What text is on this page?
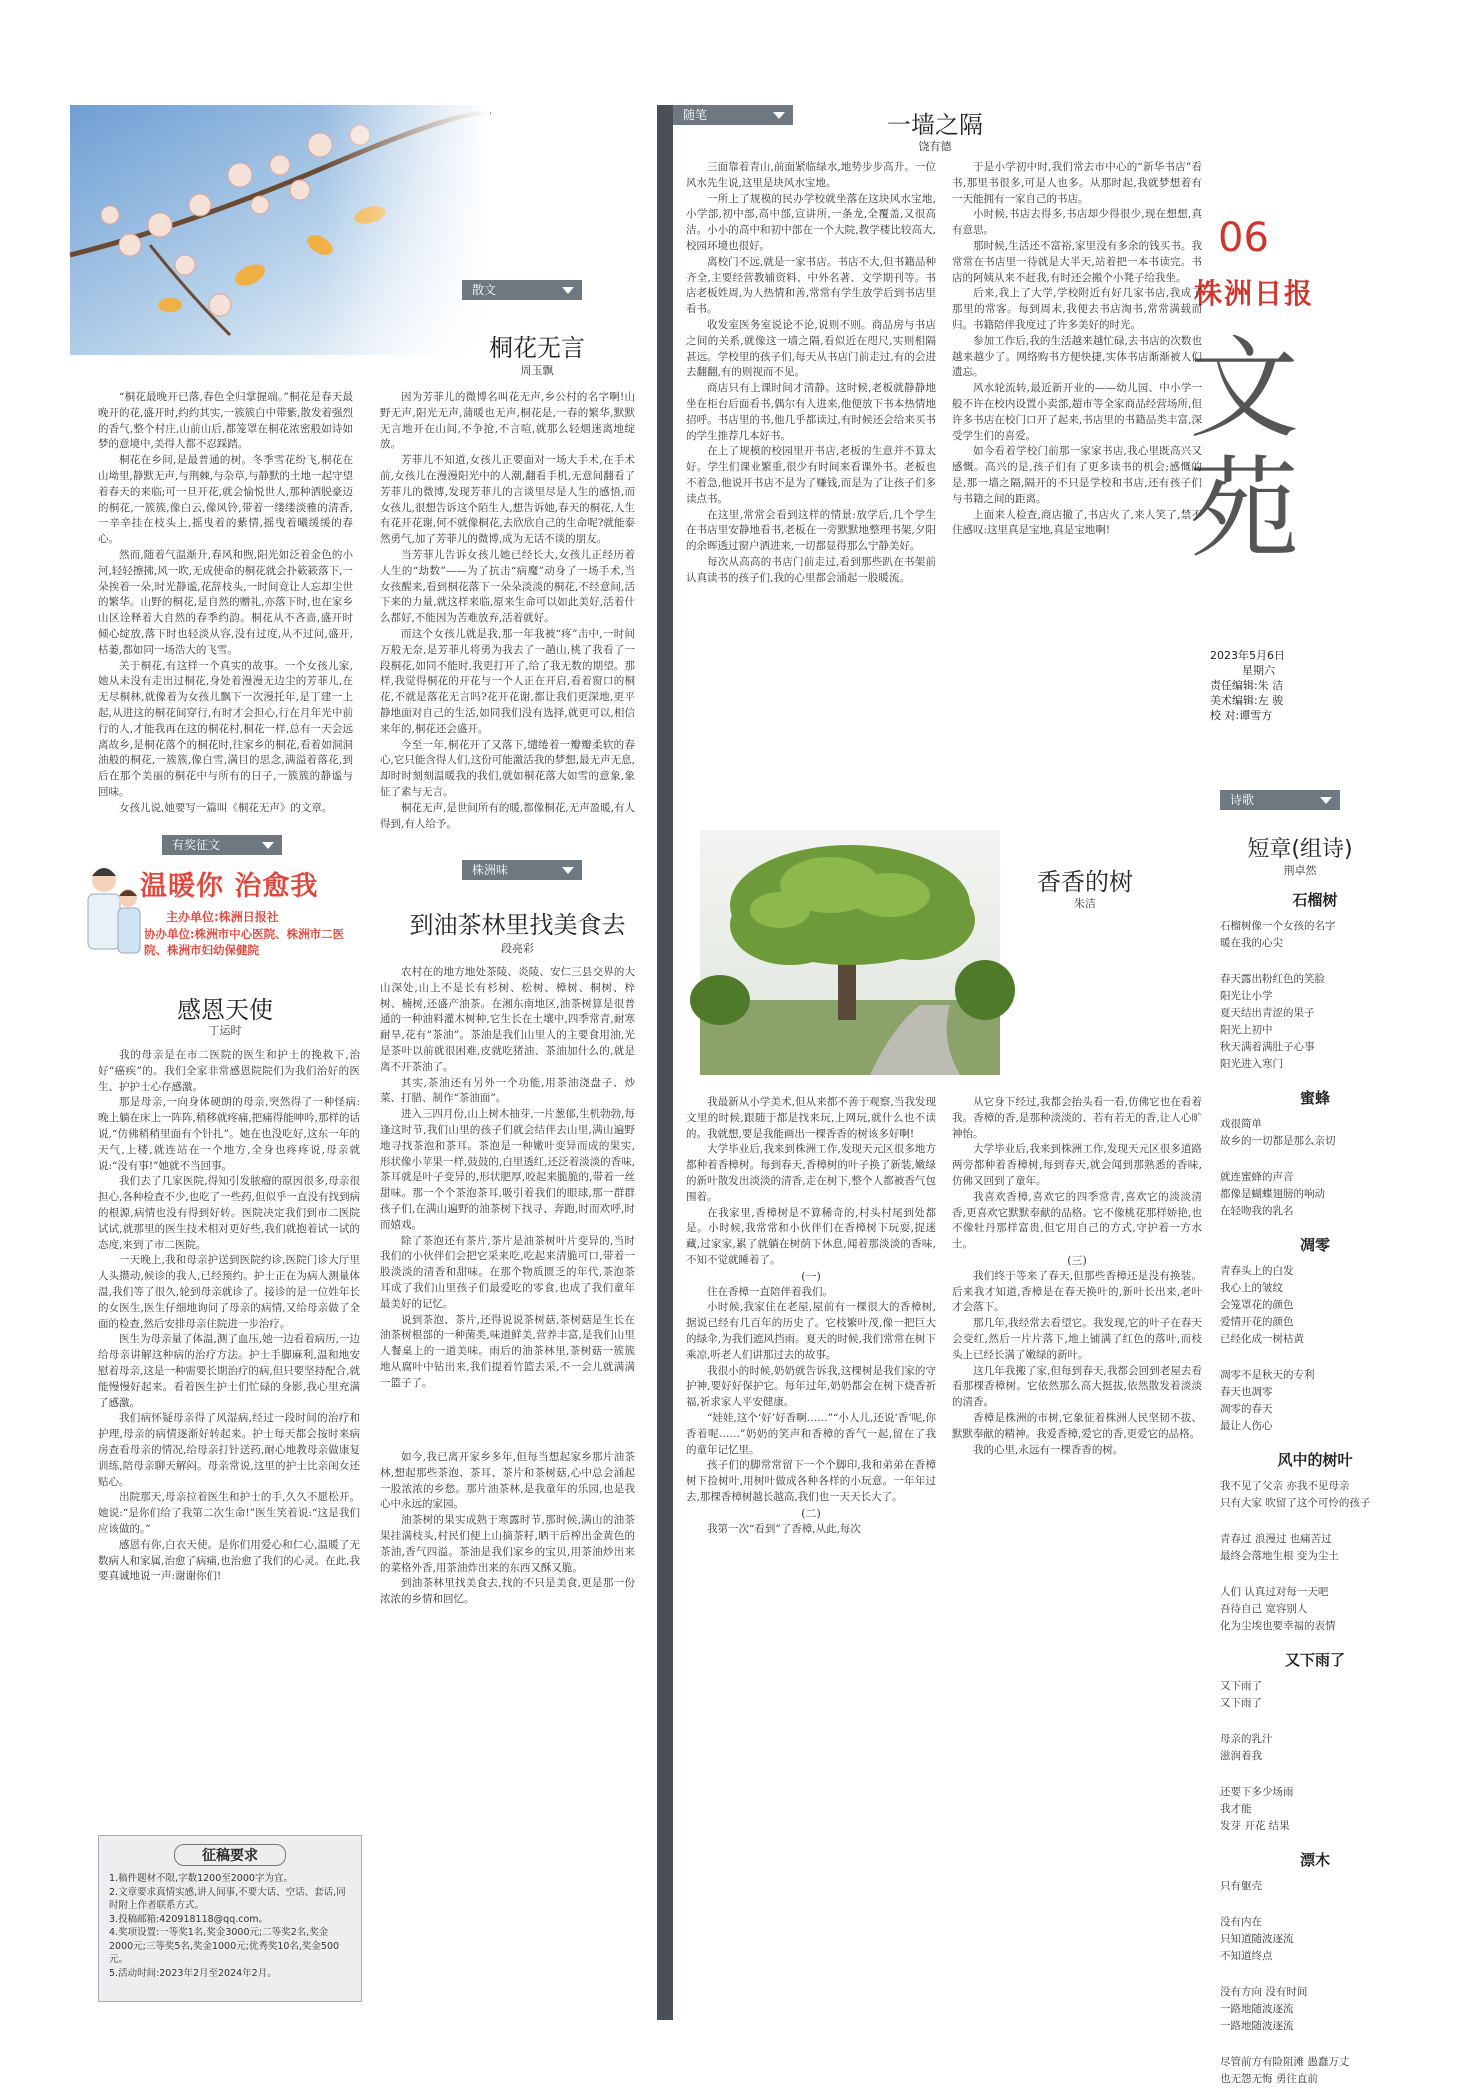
06
株洲日报
文苑
2023年5月6日
星期六
责任编辑:朱 洁
美术编辑:左 骏
校 对:谭雪方
散文
桐花无言
周玉飘

“桐花最晚开已落,春色全归掌握端。”桐花是春天最晚开的花,盛开时,约约其实,一簇簇白中带紫,散发着强烈的香气,整个村庄,山前山后,都笼罩在桐花浓密般如诗如梦的意境中,美得人都不忍踩踏。

桐花在乡间,是最普通的树。冬季雪花纷飞,桐花在山坳里,静默无声,与荆棘,与杂草,与静默的土地一起守望着春天的来临;可一旦开花,就会愉悦世人,那种洒脱豪迈的桐花,一簇簇,像白云,像风铃,带着一缕缕淡雅的清香,一辛辛挂在枝头上,摇曳着的紫情,摇曳着曦缓缓的春心。

然而,随着气温渐升,春风和煦,阳光如泛着金色的小河,轻轻擦拂,风一吹,无成使命的桐花就会扑簌簌落下,一朵挨着一朵,时光静谧,花辞枝头,一时间竟让人忘却尘世的繁华。山野的桐花,是自然的赠礼,亦落下时,也在家乡山区诠释着大自然的春季约韵。桐花从不吝啬,盛开时倾心绽放,落下时也轻淡从容,没有过度,从不过问,盛开,枯萎,都如同一场浩大的飞雪。

关于桐花,有这样一个真实的故事。一个女孩儿家,她从未没有走出过桐花,身处着漫漫无边尘的芳菲儿,在无尽桐林,就像着为女孩儿飘下一次漫托年,是丁建一上起,从进这的桐花间穿行,有时才会担心,行在月年光中前行的人,才能我再在这的桐花村,桐花一样,总有一天会远离故乡,是桐花落个的桐花时,往家乡的桐花,看着如洞洞油般的桐花,一簇簇,像白雪,满目的思念,满溢着落花,到后在那个美丽的桐花中与所有的日子,一簇簇的静谧与回味。

女孩儿说,她要写一篇叫《桐花无声》的文章。

因为芳菲儿的微博名叫花无声,乡公村的名字啊!山野无声,阳光无声,蒲暖也无声,桐花是,一春的繁华,默默无言地开在山间,不争抢,不言喧,就那么轻烟迷离地绽放。

芳菲儿不知道,女孩儿正要面对一场大手术,在手术前,女孩儿在漫漫阳光中的人潮,翻看手机,无意间翻看了芳菲儿的微博,发现芳菲儿的言谈里尽是人生的感悟,而女孩儿,很想告诉这个陌生人,想告诉她,春天的桐花,人生有花开花谢,何不就像桐花,去欣欣自己的生命呢?就能泰然勇气,加了芳菲儿的微博,成为无话不谈的朋友。

当芳菲儿告诉女孩儿她已经长大,女孩儿正经历着人生的“劫数”——为了抗击“病魔”动身了一场手术,当女孩醒来,看到桐花落下一朵朵淡淡的桐花,不经意间,活下来的力量,就这样来临,原来生命可以如此美好,活着什么都好,不能因为苦难放弃,活着就好。

而这个女孩儿就是我,那一年我被“疼”击中,一时间万般无奈,是芳菲儿将勇为我去了一趟山,桃了我看了一段桐花,如同不能时,我更打开了,给了我无数的期望。那样,我觉得桐花的开花与一个人正在开启,看着窗口的桐花,不就是落花无言吗?花开花谢,都让我们更深地,更平静地面对自己的生活,如同我们没有选择,就更可以,相信来年的,桐花还会盛开。

今至一年,桐花开了又落下,缱绻着一瓣瓣柔软的春心,它只能含得人们,这份可能激活我的梦想,最无声无息,却时时刻刻温暖我的我们,就如桐花落大如雪的意象,象征了素与无言。

桐花无声,是世间所有的暖,都像桐花,无声盈暖,有人得到,有人给予。

有奖征文
温暖你 治愈我
主办单位:株洲日报社
协办单位:株洲市中心医院、株洲市二医院、株洲市妇幼保健院
感恩天使
丁运时

我的母亲是在市二医院的医生和护士的挽救下,治好“癌疾”的。我们全家非常感恩院院们为我们治好的医生、护护士心存感激。

那是母亲,一向身体硬朗的母亲,突然得了一种怪病:晚上躺在床上一阵阵,稍移就疼痛,把痛得能呻吟,那样的话说,“仿佛稍稍里面有个针扎”。她在也没吃好,这东一年的天气,上楼,就连站在一个地方,全身也疼疼说,母亲就说:“没有事!”她就不当回事。

我们去了几家医院,得知引发脓瘤的原因很多,母亲很担心,各种检查不少,也吃了一些药,但似乎一直没有找到病的根源,病情也没有得到好转。医院决定我们到市二医院试试,就那里的医生技术相对更好些,我们就抱着试一试的态度,来到了市二医院。

一天晚上,我和母亲护送到医院约诊,医院门诊大厅里人头攒动,候诊的我人,已经预约。护士正在为病人测量体温,我们等了很久,轮到母亲就诊了。接诊的是一位姓年长的女医生,医生仔细地询问了母亲的病情,又给母亲做了全面的检查,然后安排母亲住院进一步治疗。

医生为母亲量了体温,测了血压,她一边看着病历,一边给母亲讲解这种病的治疗方法。护士手脚麻利,温和地安慰着母亲,这是一种需要长期治疗的病,但只要坚持配合,就能慢慢好起来。看着医生护士们忙碌的身影,我心里充满了感激。

我们病怀疑母亲得了风湿病,经过一段时间的治疗和护理,母亲的病情逐渐好转起来。护士每天都会按时来病房查看母亲的情况,给母亲打针送药,耐心地教母亲做康复训练,陪母亲聊天解闷。母亲常说,这里的护士比亲闺女还贴心。

出院那天,母亲拉着医生和护士的手,久久不愿松开。她说:“是你们给了我第二次生命!”医生笑着说:“这是我们应该做的。”

感恩有你,白衣天使。是你们用爱心和仁心,温暖了无数病人和家属,治愈了病痛,也治愈了我们的心灵。在此,我要真诚地说一声:谢谢你们!

征稿要求
1.稿件题材不限,字数1200至2000字为宜。
2.文章要求真情实感,讲人间事,不要大话、空话、套话,同时附上作者联系方式。
3.投稿邮箱:420918118@qq.com。
4.奖项设置:一等奖1名,奖金3000元;二等奖2名,奖金2000元;三等奖5名,奖金1000元;优秀奖10名,奖金500元。
5.活动时间:2023年2月至2024年2月。
株洲味
到油茶林里找美食去
段亮彩

农村在的地方地处茶陵、炎陵、安仁三县交界的大山深处,山上不是长有杉树、松树、樟树、桐树、梓树、楠树,还盛产油茶。在湘东南地区,油茶树算是很普通的一种油料灌木树种,它生长在土壤中,四季常青,耐寒耐旱,花有“茶油”。茶油是我们山里人的主要食用油,光是茶叶以前就很困难,皮就吃猪油、茶油加什么的,就是离不开茶油了。

其实,茶油还有另外一个功能,用茶油浇盘子、炒菜、打腊、制作“茶油面”。

进入三四月份,山上树木抽芽,一片葱郁,生机勃勃,每逢这时节,我们山里的孩子们就会结伴去山里,满山遍野地寻找茶泡和茶耳。茶泡是一种嫩叶变异而成的果实,形状像小苹果一样,鼓鼓的,白里透红,还泛着淡淡的香味,茶耳就是叶子变异的,形状肥厚,咬起来脆脆的,带着一丝甜味。那一个个茶泡茶耳,吸引着我们的眼球,那一群群孩子们,在满山遍野的油茶树下找寻、奔跑,时而欢呼,时而嬉戏。

除了茶泡还有茶片,茶片是油茶树叶片变异的,当时我们的小伙伴们会把它采来吃,吃起来清脆可口,带着一股淡淡的清香和甜味。在那个物质匮乏的年代,茶泡茶耳成了我们山里孩子们最爱吃的零食,也成了我们童年最美好的记忆。

说到茶泡、茶片,还得说说茶树菇,茶树菇是生长在油茶树根部的一种菌类,味道鲜美,营养丰富,是我们山里人餐桌上的一道美味。雨后的油茶林里,茶树菇一簇簇地从腐叶中钻出来,我们提着竹篮去采,不一会儿就满满一篮子了。

如今,我已离开家乡多年,但每当想起家乡那片油茶林,想起那些茶泡、茶耳、茶片和茶树菇,心中总会涌起一股浓浓的乡愁。那片油茶林,是我童年的乐园,也是我心中永远的家园。

油茶树的果实成熟于寒露时节,那时候,满山的油茶果挂满枝头,村民们便上山摘茶籽,晒干后榨出金黄色的茶油,香气四溢。茶油是我们家乡的宝贝,用茶油炒出来的菜格外香,用茶油炸出来的东西又酥又脆。

到油茶林里找美食去,找的不只是美食,更是那一份浓浓的乡情和回忆。

随笔	一墙之隔
饶有德

三面靠着青山,前面紧临绿水,地势步步高升。一位风水先生说,这里是块风水宝地。

一所上了规模的民办学校就坐落在这块风水宝地,小学部,初中部,高中部,宣讲所,一条龙,全覆盖,又很高洁。小小的高中和初中部在一个大院,教学楼比较高大,校园环境也很好。

离校门不远,就是一家书店。书店不大,但书籍品种齐全,主要经营教辅资料、中外名著、文学期刊等。书店老板姓周,为人热情和善,常常有学生放学后到书店里看书。

收发室医务室说论不论,说则不则。商品房与书店之间的关系,就像这一墙之隔,看似近在咫尺,实则相隔甚远。学校里的孩子们,每天从书店门前走过,有的会进去翻翻,有的则视而不见。

商店只有上课时间才清静。这时候,老板就静静地坐在柜台后面看书,偶尔有人进来,他便放下书本热情地招呼。书店里的书,他几乎都读过,有时候还会给来买书的学生推荐几本好书。

在上了规模的校园里开书店,老板的生意并不算太好。学生们课业繁重,很少有时间来看课外书。老板也不着急,他说开书店不是为了赚钱,而是为了让孩子们多读点书。

在这里,常常会看到这样的情景:放学后,几个学生在书店里安静地看书,老板在一旁默默地整理书架,夕阳的余晖透过窗户洒进来,一切都显得那么宁静美好。

每次从高高的书店门前走过,看到那些趴在书架前认真读书的孩子们,我的心里都会涌起一股暖流。

于是小学初中时,我们常去市中心的“新华书店”看书,那里书很多,可是人也多。从那时起,我就梦想着有一天能拥有一家自己的书店。

小时候,书店去得多,书店却少得很少,现在想想,真有意思。

那时候,生活还不富裕,家里没有多余的钱买书。我常常在书店里一待就是大半天,站着把一本书读完。书店的阿姨从来不赶我,有时还会搬个小凳子给我坐。

后来,我上了大学,学校附近有好几家书店,我成了那里的常客。每到周末,我便去书店淘书,常常满载而归。书籍陪伴我度过了许多美好的时光。

参加工作后,我的生活越来越忙碌,去书店的次数也越来越少了。网络购书方便快捷,实体书店渐渐被人们遗忘。

风水轮流转,最近新开业的——幼儿园、中小学一般不许在校内设置小卖部,超市等全家商品经营场所,但许多书店在校门口开了起来,书店里的书籍品类丰富,深受学生们的喜爱。

如今看着学校门前那一家家书店,我心里既高兴又感慨。高兴的是,孩子们有了更多读书的机会;感慨的是,那一墙之隔,隔开的不只是学校和书店,还有孩子们与书籍之间的距离。

上面来人检查,商店撤了,书店火了,来人笑了,禁不住感叹:这里真是宝地,真是宝地啊!

香香的树
朱洁

我最新从小学美术,但从来都不善于观察,当我发现文里的时候,跟随于都是找来玩,上网玩,就什么也不读的。我就想,要是我能画出一棵香香的树该多好啊!

大学毕业后,我来到株洲工作,发现天元区很多地方都种着香樟树。每到春天,香樟树的叶子换了新装,嫩绿的新叶散发出淡淡的清香,走在树下,整个人都被香气包围着。

在我家里,香樟树是不算稀奇的,村头村尾到处都是。小时候,我常常和小伙伴们在香樟树下玩耍,捉迷藏,过家家,累了就躺在树荫下休息,闻着那淡淡的香味,不知不觉就睡着了。

(一)

住在香樟一直陪伴着我们。

小时候,我家住在老屋,屋前有一棵很大的香樟树,据说已经有几百年的历史了。它枝繁叶茂,像一把巨大的绿伞,为我们遮风挡雨。夏天的时候,我们常常在树下乘凉,听老人们讲那过去的故事。

我很小的时候,奶奶就告诉我,这棵树是我们家的守护神,要好好保护它。每年过年,奶奶都会在树下烧香祈福,祈求家人平安健康。

“娃娃,这个‘好’好香啊……”“小人儿,还说‘香’呢,你香着呢……”奶奶的笑声和香樟的香气一起,留在了我的童年记忆里。

孩子们的脚常常留下一个个脚印,我和弟弟在香樟树下捡树叶,用树叶做成各种各样的小玩意。一年年过去,那棵香樟树越长越高,我们也一天天长大了。

(二)

我第一次“看到”了香樟,从此,每次

从它身下经过,我都会抬头看一看,仿佛它也在看着我。香樟的香,是那种淡淡的、若有若无的香,让人心旷神怡。

大学毕业后,我来到株洲工作,发现天元区很多道路两旁都种着香樟树,每到春天,就会闻到那熟悉的香味,仿佛又回到了童年。

我喜欢香樟,喜欢它的四季常青,喜欢它的淡淡清香,更喜欢它默默奉献的品格。它不像桃花那样娇艳,也不像牡丹那样富贵,但它用自己的方式,守护着一方水土。

(三)

我们终于等来了春天,但那些香樟还是没有换装。后来我才知道,香樟是在春天换叶的,新叶长出来,老叶才会落下。

那几年,我经常去看望它。我发现,它的叶子在春天会变红,然后一片片落下,地上铺满了红色的落叶,而枝头上已经长满了嫩绿的新叶。

这几年我搬了家,但每到春天,我都会回到老屋去看看那棵香樟树。它依然那么高大挺拔,依然散发着淡淡的清香。

香樟是株洲的市树,它象征着株洲人民坚韧不拔、默默奉献的精神。我爱香樟,爱它的香,更爱它的品格。

我的心里,永远有一棵香香的树。

诗歌
短章(组诗)
荆卓然
石榴树

石榴树像一个女孩的名字

暖在我的心尖

春天露出粉红色的笑脸

阳光让小学

夏天结出青涩的果子

阳光上初中

秋天满着满肚子心事

阳光进入寒门

蜜蜂

戏很简单

故乡的一切都是那么亲切

就连蜜蜂的声音

都像是蝴蝶翅膀的响动

在轻吻我的乳名

凋零

青春头上的白发

我心上的皱纹

会笼罩花的颜色

爱情开花的颜色

已经化成一树枯黄

凋零不是秋天的专利

春天也凋零

凋零的春天

最让人伤心

风中的树叶

我不见了父亲 亦我不见母亲

只有大家 吹留了这个可怜的孩子

青春过 浪漫过 也痛苦过

最终会落地生根 变为尘土

人们 认真过对每一天吧

吾待自己 宽容别人

化为尘埃也要幸福的表情

又下雨了

又下雨了

又下雨了

母亲的乳汁

滋润着我

还要下多少场雨

我才能

发芽 开花 结果

漂木

只有躯壳

没有内在

只知道随波逐流

不知道终点

没有方向 没有时间

一路地随波逐流

一路地随波逐流

尽管前方有险阻滩 愚蠢万丈

也无怨无悔 勇往直前
